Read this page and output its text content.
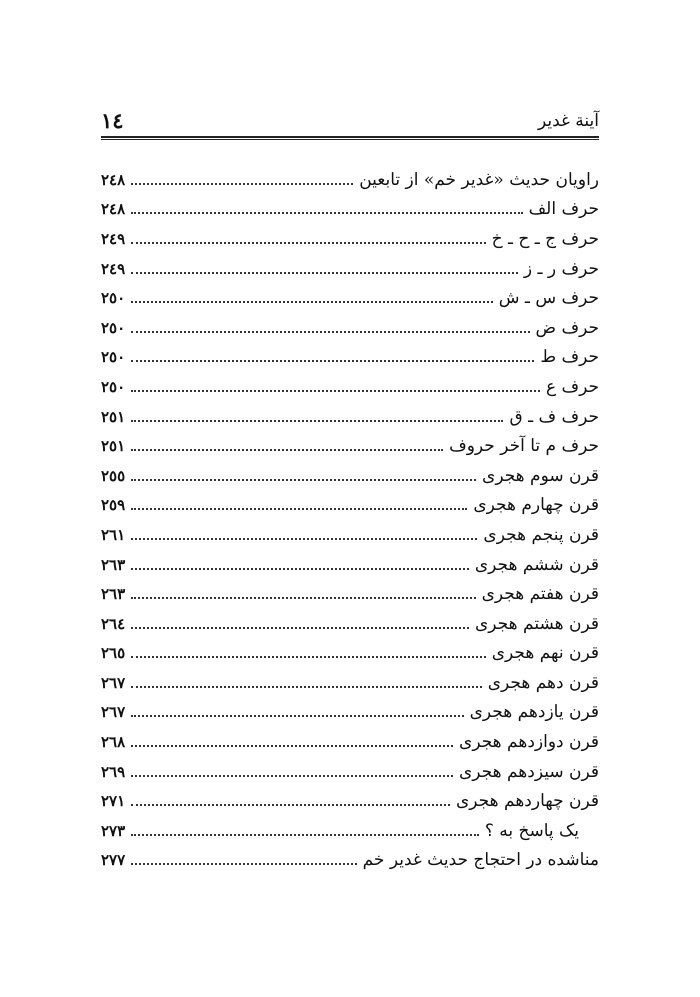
١٤	آينة غدير
راويان حديث «غدير خم» از تابعين
٢٤٨
حرف الف
٢٤٨
حرف ج ـ ح ـ خ
٢٤٩
حرف ر ـ ز
٢٤٩
حرف س ـ ش
٢٥٠
حرف ض
٢٥٠
حرف ط
٢٥٠
حرف ع
٢٥٠
حرف ف ـ ق
٢٥١
حرف م تا آخر حروف
٢٥١
قرن سوم هجرى
٢٥٥
قرن چهارم هجرى
٢٥٩
قرن پنجم هجرى
٢٦١
قرن ششم هجرى
٢٦٣
قرن هفتم هجرى
٢٦٣
قرن هشتم هجرى
٢٦٤
قرن نهم هجرى
٢٦٥
قرن دهم هجرى
٢٦٧
قرن يازدهم هجرى
٢٦٧
قرن دوازدهم هجرى
٢٦٨
قرن سيزدهم هجرى
٢٦٩
قرن چهاردهم هجرى
٢٧١
يک پاسخ به ؟
٢٧٣
مناشده در احتجاج حديث غدير خم
٢٧٧
